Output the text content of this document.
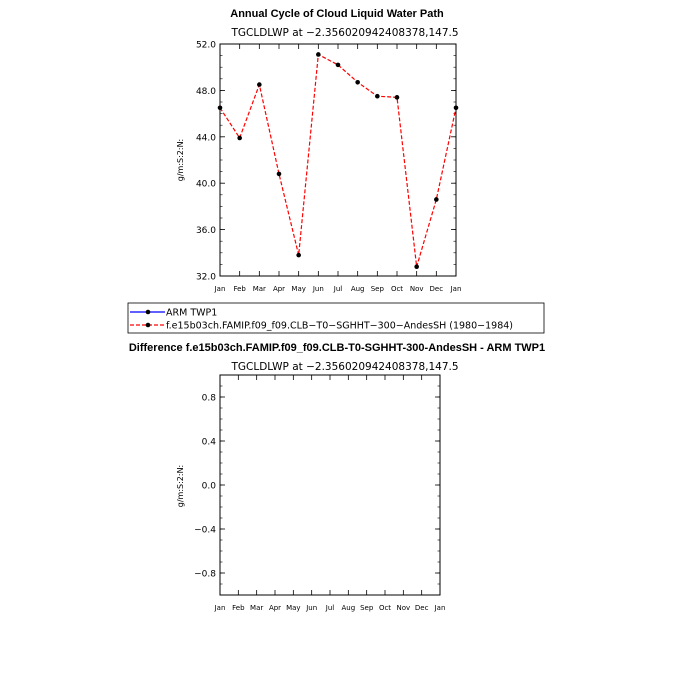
Annual Cycle of Cloud Liquid Water Path
TGCLDLWP at −2.356020942408378,147.5
g/m:S:2:N:
Jan Feb Mar Apr May Jun Jul Aug Sep Oct Nov Dec Jan
32.0
36.0
40.0
44.0
48.0
52.0
ARM TWP1
f.e15b03ch.FAMIP.f09_f09.CLB−T0−SGHHT−300−AndesSH (1980−1984)
Difference f.e15b03ch.FAMIP.f09_f09.CLB-T0-SGHHT-300-AndesSH - ARM TWP1
TGCLDLWP at −2.356020942408378,147.5
g/m:S:2:N:
Jan Feb Mar Apr May Jun Jul Aug Sep Oct Nov Dec Jan
−0.8
−0.4
0.0
0.4
0.8
